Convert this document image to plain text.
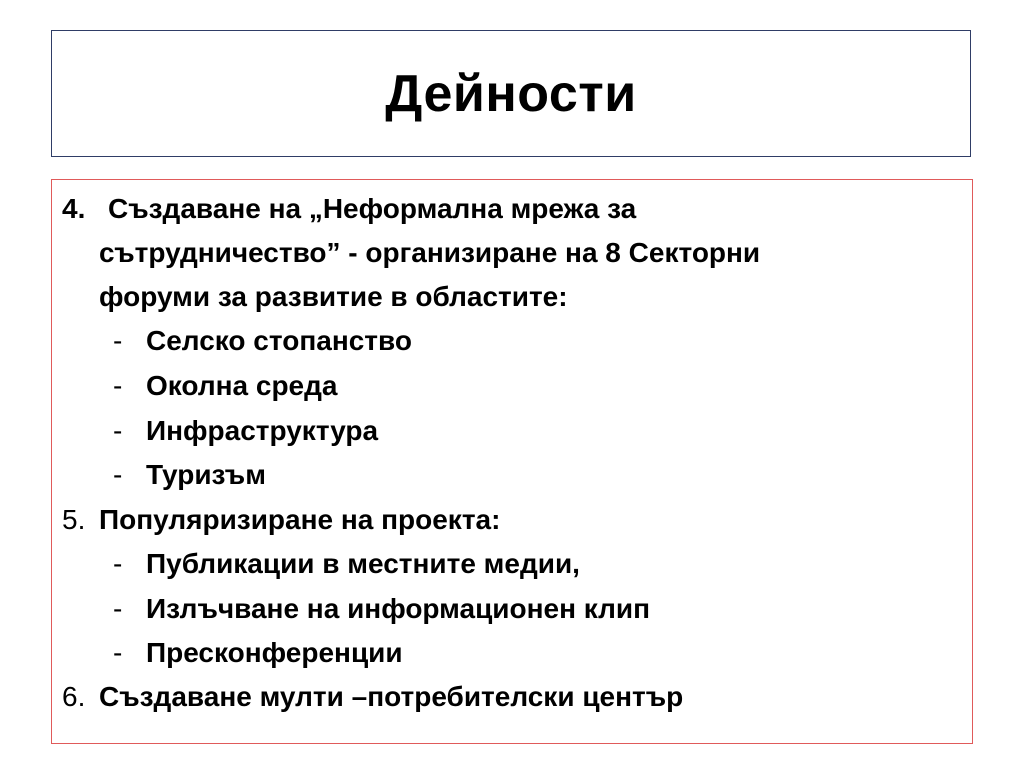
Дейности
4. Създаване на „Неформална мрежа за
сътрудничество” - организиране на 8 Секторни
форуми за развитие в областите:
- Селско стопанство
- Околна среда
- Инфраструктура
- Туризъм
5. Популяризиране на проекта:
- Публикации в местните медии,
- Излъчване на информационен клип
- Пресконференции
6. Създаване мулти –потребителски център
